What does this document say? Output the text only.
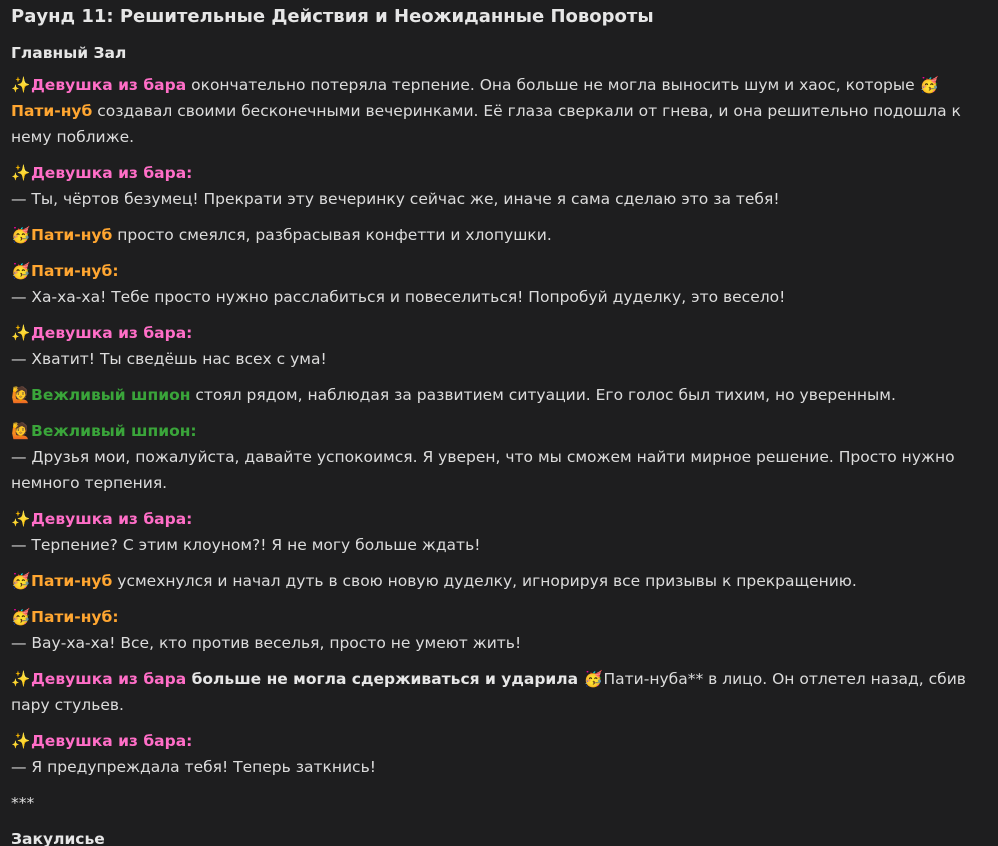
Раунд 11: Решительные Действия и Неожиданные Повороты
Главный Зал

✨Девушка из бара окончательно потеряла терпение. Она больше не могла выносить шум и хаос, которые 🥳Пати-нуб создавал своими бесконечными вечеринками. Её глаза сверкали от гнева, и она решительно подошла к нему поближе.

✨Девушка из бара:
— Ты, чёртов безумец! Прекрати эту вечеринку сейчас же, иначе я сама сделаю это за тебя!

🥳Пати-нуб просто смеялся, разбрасывая конфетти и хлопушки.

🥳Пати-нуб:
— Ха-ха-ха! Тебе просто нужно расслабиться и повеселиться! Попробуй дуделку, это весело!

✨Девушка из бара:
— Хватит! Ты сведёшь нас всех с ума!

🙋Вежливый шпион стоял рядом, наблюдая за развитием ситуации. Его голос был тихим, но уверенным.

🙋Вежливый шпион:
— Друзья мои, пожалуйста, давайте успокоимся. Я уверен, что мы сможем найти мирное решение. Просто нужно немного терпения.

✨Девушка из бара:
— Терпение? С этим клоуном?! Я не могу больше ждать!

🥳Пати-нуб усмехнулся и начал дуть в свою новую дуделку, игнорируя все призывы к прекращению.

🥳Пати-нуб:
— Вау-ха-ха! Все, кто против веселья, просто не умеют жить!

✨Девушка из бара больше не могла сдерживаться и ударила 🥳Пати-нуба** в лицо. Он отлетел назад, сбив пару стульев.

✨Девушка из бара:
— Я предупреждала тебя! Теперь заткнись!

***

Закулисье
